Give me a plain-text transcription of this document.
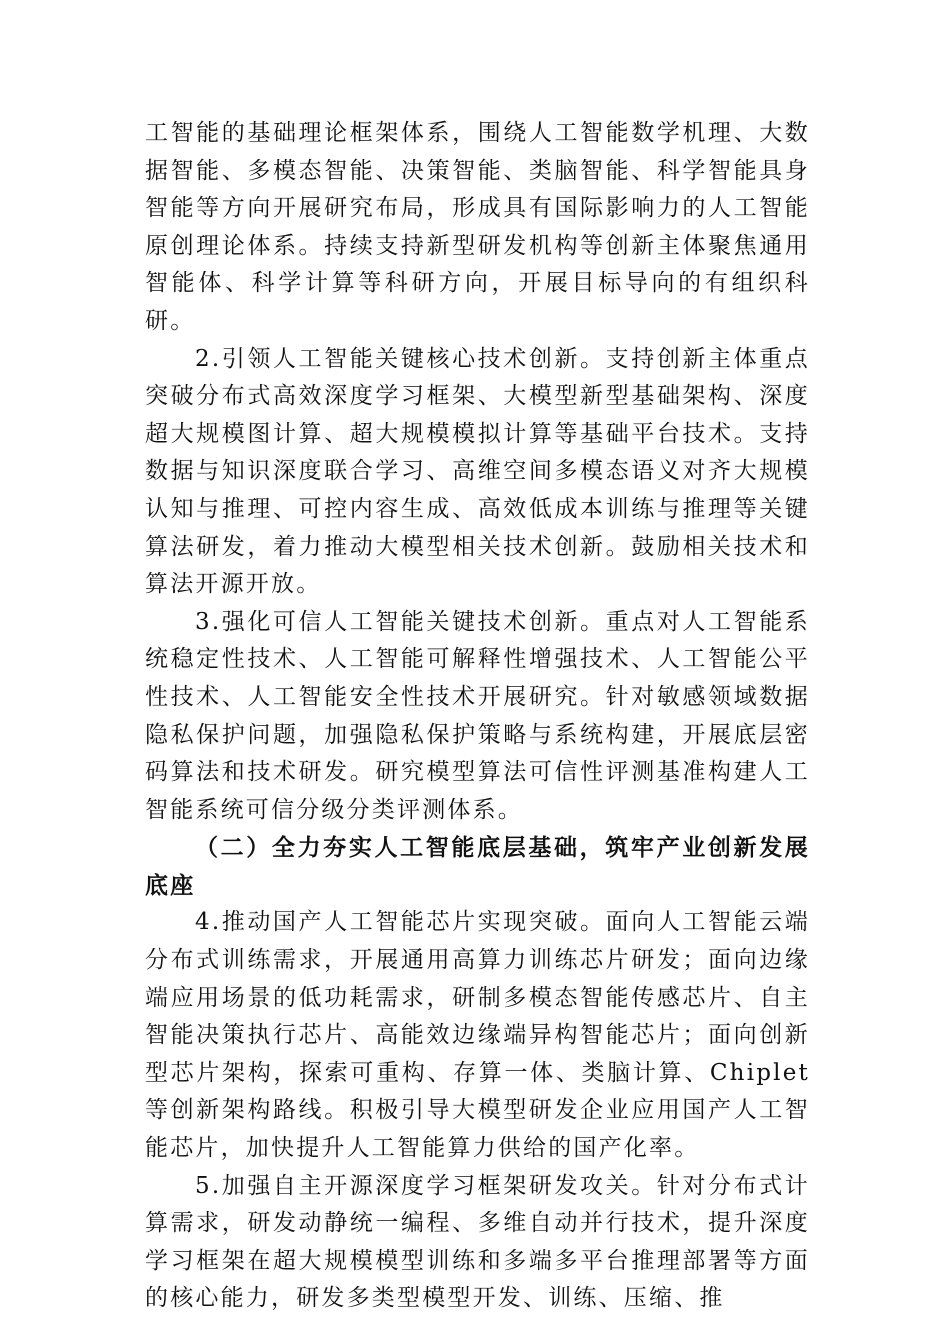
工智能的基础理论框架体系，围绕人工智能数学机理、大数据智能、多模态智能、决策智能、类脑智能、科学智能具身智能等方向开展研究布局，形成具有国际影响力的人工智能原创理论体系。持续支持新型研发机构等创新主体聚焦通用智能体、科学计算等科研方向，开展目标导向的有组织科研。

2.引领人工智能关键核心技术创新。支持创新主体重点突破分布式高效深度学习框架、大模型新型基础架构、深度超大规模图计算、超大规模模拟计算等基础平台技术。支持数据与知识深度联合学习、高维空间多模态语义对齐大规模认知与推理、可控内容生成、高效低成本训练与推理等关键算法研发，着力推动大模型相关技术创新。鼓励相关技术和算法开源开放。

3.强化可信人工智能关键技术创新。重点对人工智能系统稳定性技术、人工智能可解释性增强技术、人工智能公平性技术、人工智能安全性技术开展研究。针对敏感领域数据隐私保护问题，加强隐私保护策略与系统构建，开展底层密码算法和技术研发。研究模型算法可信性评测基准构建人工智能系统可信分级分类评测体系。

（二）全力夯实人工智能底层基础，筑牢产业创新发展底座

4.推动国产人工智能芯片实现突破。面向人工智能云端分布式训练需求，开展通用高算力训练芯片研发；面向边缘端应用场景的低功耗需求，研制多模态智能传感芯片、自主智能决策执行芯片、高能效边缘端异构智能芯片；面向创新型芯片架构，探索可重构、存算一体、类脑计算、Chiplet等创新架构路线。积极引导大模型研发企业应用国产人工智能芯片，加快提升人工智能算力供给的国产化率。

5.加强自主开源深度学习框架研发攻关。针对分布式计算需求，研发动静统一编程、多维自动并行技术，提升深度学习框架在超大规模模型训练和多端多平台推理部署等方面的核心能力，研发多类型模型开发、训练、压缩、推
